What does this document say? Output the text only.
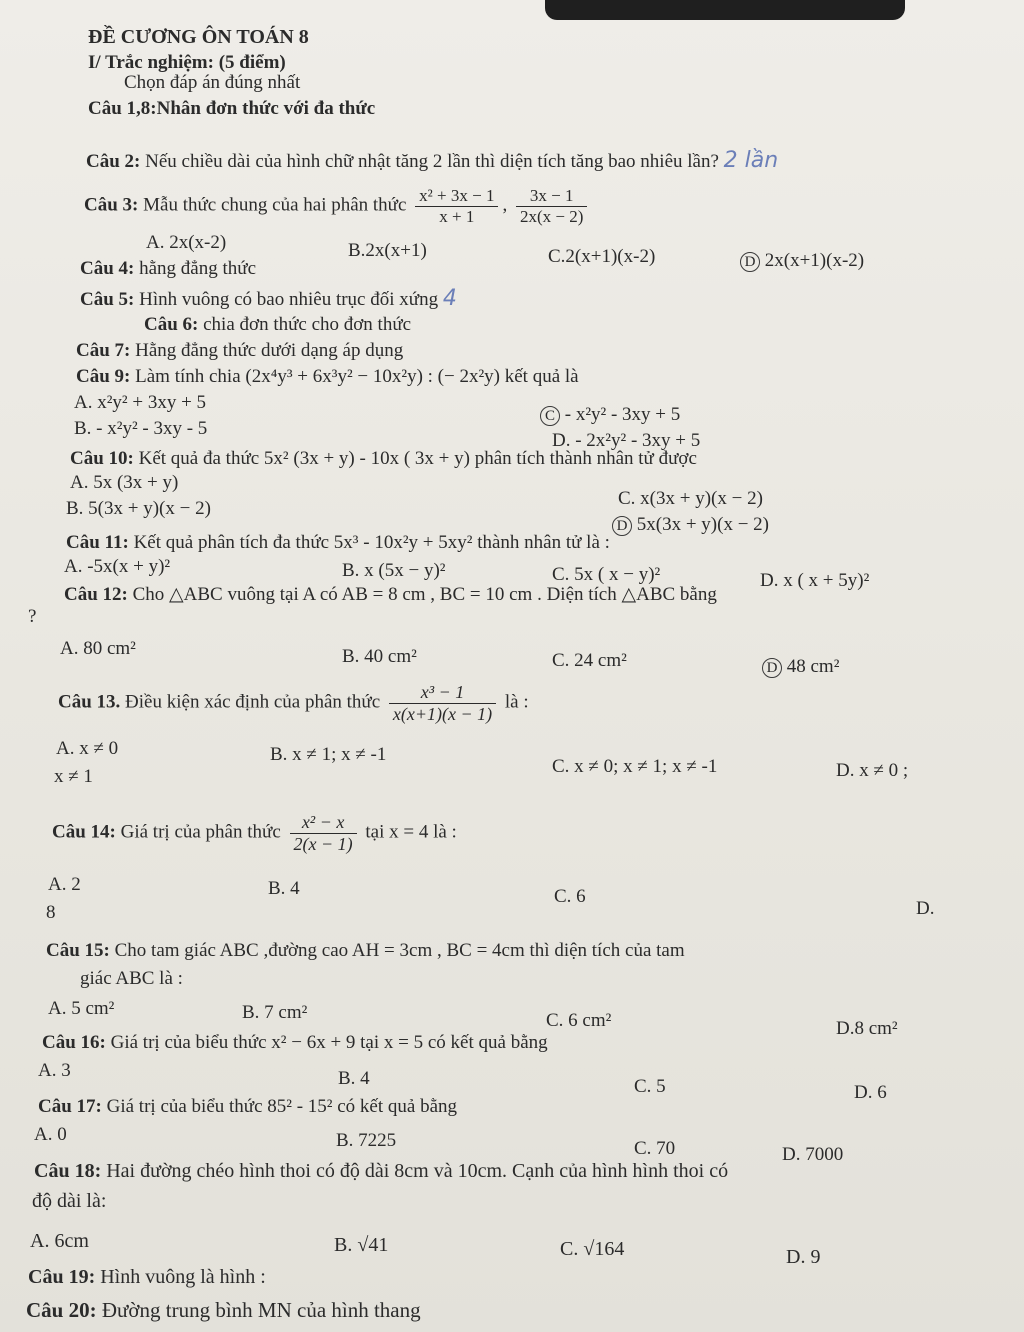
ĐỀ CƯƠNG ÔN TOÁN 8
I/ Trắc nghiệm: (5 điểm)
Chọn đáp án đúng nhất
Câu 1,8:Nhân đơn thức với đa thức
Câu 2: Nếu chiều dài của hình chữ nhật tăng 2 lần thì diện tích tăng bao nhiêu lần? 2 lần
Câu 3: Mẫu thức chung của hai phân thức $\frac{\text{x² + 3x − 1}}{x + 1}$ , $\frac{3x - 1}{2x(x - 2)}$
A. 2x(x-2)	B.2x(x+1)	C.2(x+1)(x-2)	D 2x(x+1)(x-2)
Câu 4: hằng đẳng thức
Câu 5: Hình vuông có bao nhiêu trục đối xứng 4
Câu 6: chia đơn thức cho đơn thức
Câu 7: Hằng đẳng thức dưới dạng áp dụng
Câu 9: Làm tính chia (2x⁴y³ + 6x³y² − 10x²y) : (− 2x²y) kết quả là
A. x²y² + 3xy + 5
B. - x²y² - 3xy - 5
C - x²y² - 3xy + 5
D. - 2x²y² - 3xy + 5
Câu 10: Kết quả đa thức 5x² (3x + y) - 10x ( 3x + y) phân tích thành nhân tử được
A. 5x (3x + y)
B. 5(3x + y)(x − 2)	C. x(3x + y)(x − 2)
D 5x(3x + y)(x − 2)
Câu 11: Kết quả phân tích đa thức 5x³ - 10x²y + 5xy² thành nhân tử là :
A. -5x(x + y)²	B. x (5x − y)²	C. 5x ( x − y)²	D. x ( x + 5y)²
Câu 12: Cho △ABC vuông tại A có AB = 8 cm , BC = 10 cm . Diện tích △ABC bằng
?
A. 80 cm²	B. 40 cm²	C. 24 cm²	D 48 cm²
Câu 13. Điều kiện xác định của phân thức $\frac{\text{x³ − 1}}{x(x+1)(x - 1)}$ là :
A. x ≠ 0
x ≠ 1
B. x ≠ 1; x ≠ -1
C. x ≠ 0; x ≠ 1; x ≠ -1	D. x ≠ 0 ;
Câu 14: Giá trị của phân thức $\frac{\text{x² − x}}{2(x - 1)}$ tại x = 4 là :
A. 2
8
B. 4	C. 6
D.
Câu 15: Cho tam giác ABC ,đường cao AH = 3cm , BC = 4cm thì diện tích của tam
giác ABC là :
A. 5 cm²	B. 7 cm²	C. 6 cm²	D.8 cm²
Câu 16: Giá trị của biểu thức x² − 6x + 9 tại x = 5 có kết quả bằng
A. 3	B. 4	C. 5	D. 6
Câu 17: Giá trị của biểu thức 85² - 15² có kết quả bằng
A. 0	B. 7225	C. 70	D. 7000
Câu 18: Hai đường chéo hình thoi có độ dài 8cm và 10cm. Cạnh của hình hình thoi có
độ dài là:
A. 6cm	B. √41	C. √164	D. 9
Câu 19: Hình vuông là hình :
Câu 20: Đường trung bình MN của hình thang
